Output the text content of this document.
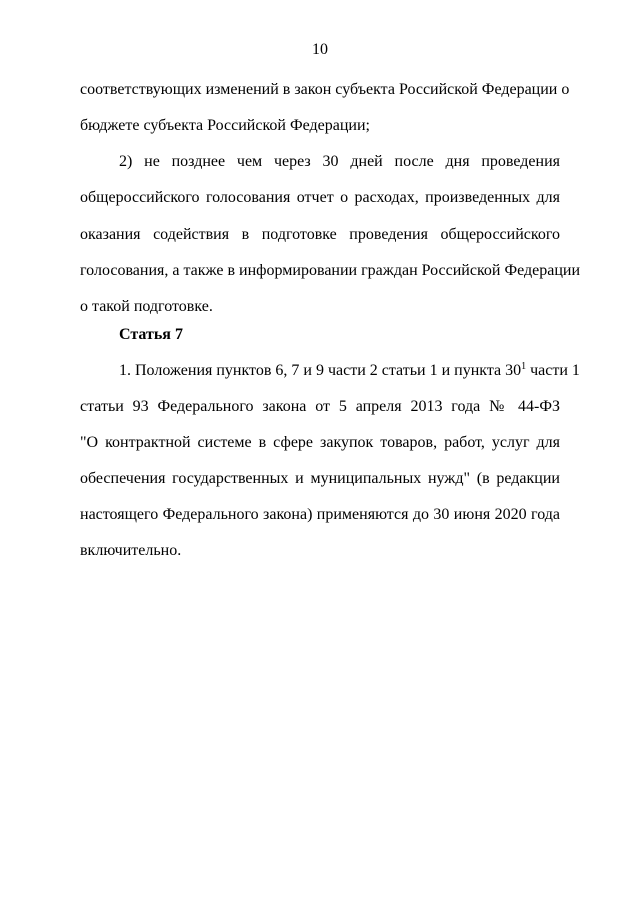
10
соответствующих изменений в закон субъекта Российской Федерации о
бюджете субъекта Российской Федерации;
2) не позднее чем через 30 дней после дня проведения
общероссийского голосования отчет о расходах, произведенных для
оказания содействия в подготовке проведения общероссийского
голосования, а также в информировании граждан Российской Федерации
о такой подготовке.
Статья 7
1. Положения пунктов 6, 7 и 9 части 2 статьи 1 и пункта $30^1$ части 1
статьи 93 Федерального закона от 5 апреля 2013 года № 44-ФЗ
"О контрактной системе в сфере закупок товаров, работ, услуг для
обеспечения государственных и муниципальных нужд" (в редакции
настоящего Федерального закона) применяются до 30 июня 2020 года
включительно.
